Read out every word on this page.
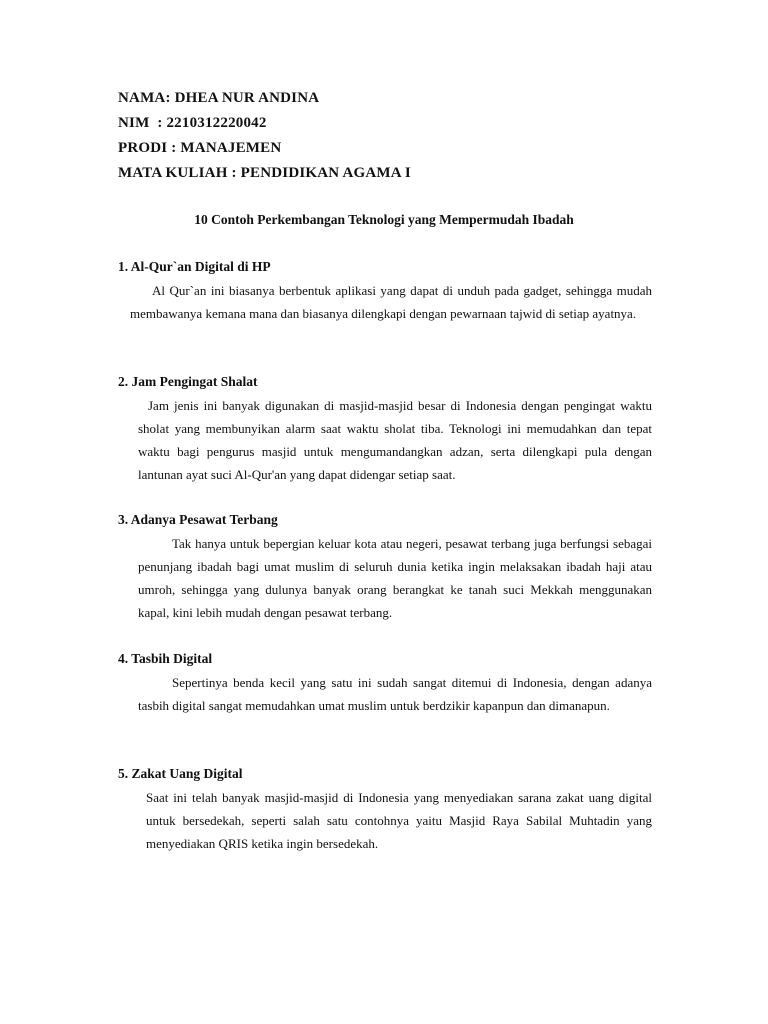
NAMA: DHEA NUR ANDINA
NIM  : 2210312220042
PRODI : MANAJEMEN
MATA KULIAH : PENDIDIKAN AGAMA I
10 Contoh Perkembangan Teknologi yang Mempermudah Ibadah
1. Al-Qur`an Digital di HP
Al Qur`an ini biasanya berbentuk aplikasi yang dapat di unduh pada gadget, sehingga mudah membawanya kemana mana dan biasanya dilengkapi dengan pewarnaan tajwid di setiap ayatnya.
2. Jam Pengingat Shalat
Jam jenis ini banyak digunakan di masjid-masjid besar di Indonesia dengan pengingat waktu sholat yang membunyikan alarm saat waktu sholat tiba. Teknologi ini memudahkan dan tepat waktu bagi pengurus masjid untuk mengumandangkan adzan, serta dilengkapi pula dengan lantunan ayat suci Al-Qur'an yang dapat didengar setiap saat.
3. Adanya Pesawat Terbang
Tak hanya untuk bepergian keluar kota atau negeri, pesawat terbang juga berfungsi sebagai penunjang ibadah bagi umat muslim di seluruh dunia ketika ingin melaksakan ibadah haji atau umroh, sehingga yang dulunya banyak orang berangkat ke tanah suci Mekkah menggunakan kapal, kini lebih mudah dengan pesawat terbang.
4. Tasbih Digital
Sepertinya benda kecil yang satu ini sudah sangat ditemui di Indonesia, dengan adanya tasbih digital sangat memudahkan umat muslim untuk berdzikir kapanpun dan dimanapun.
5. Zakat Uang Digital
Saat ini telah banyak masjid-masjid di Indonesia yang menyediakan sarana zakat uang digital untuk bersedekah, seperti salah satu contohnya yaitu Masjid Raya Sabilal Muhtadin yang menyediakan QRIS ketika ingin bersedekah.
